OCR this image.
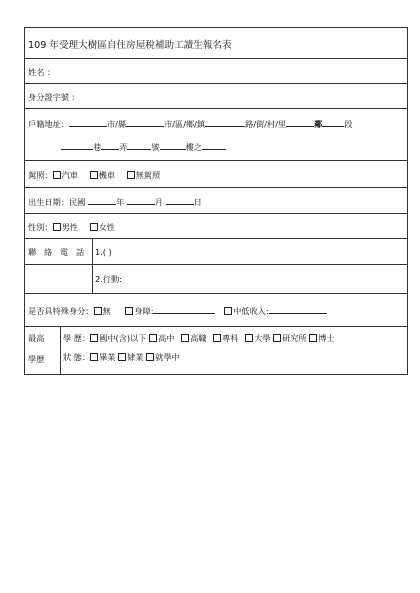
109 年受理大樹區自住房屋稅補助工讀生報名表
姓名 ：
身分證字號 ：
戶籍地址：	市/縣	市/區/鄉/鎮	路/街/村/里	鄰	段
巷 弄	號	樓之
駕照： 汽車	機車	無駕照
出生日期：民國	年	月	日
性別： 男性	女性
聯 絡 電 話 1.( )
2.行動:
是否具特殊身分： 無	身障:	中低收入:
最高
學歷
學 歷： 國中(含)以下 高中 高職 專科 大學 研究所 博士
狀 態： 畢業 肄業 就學中
